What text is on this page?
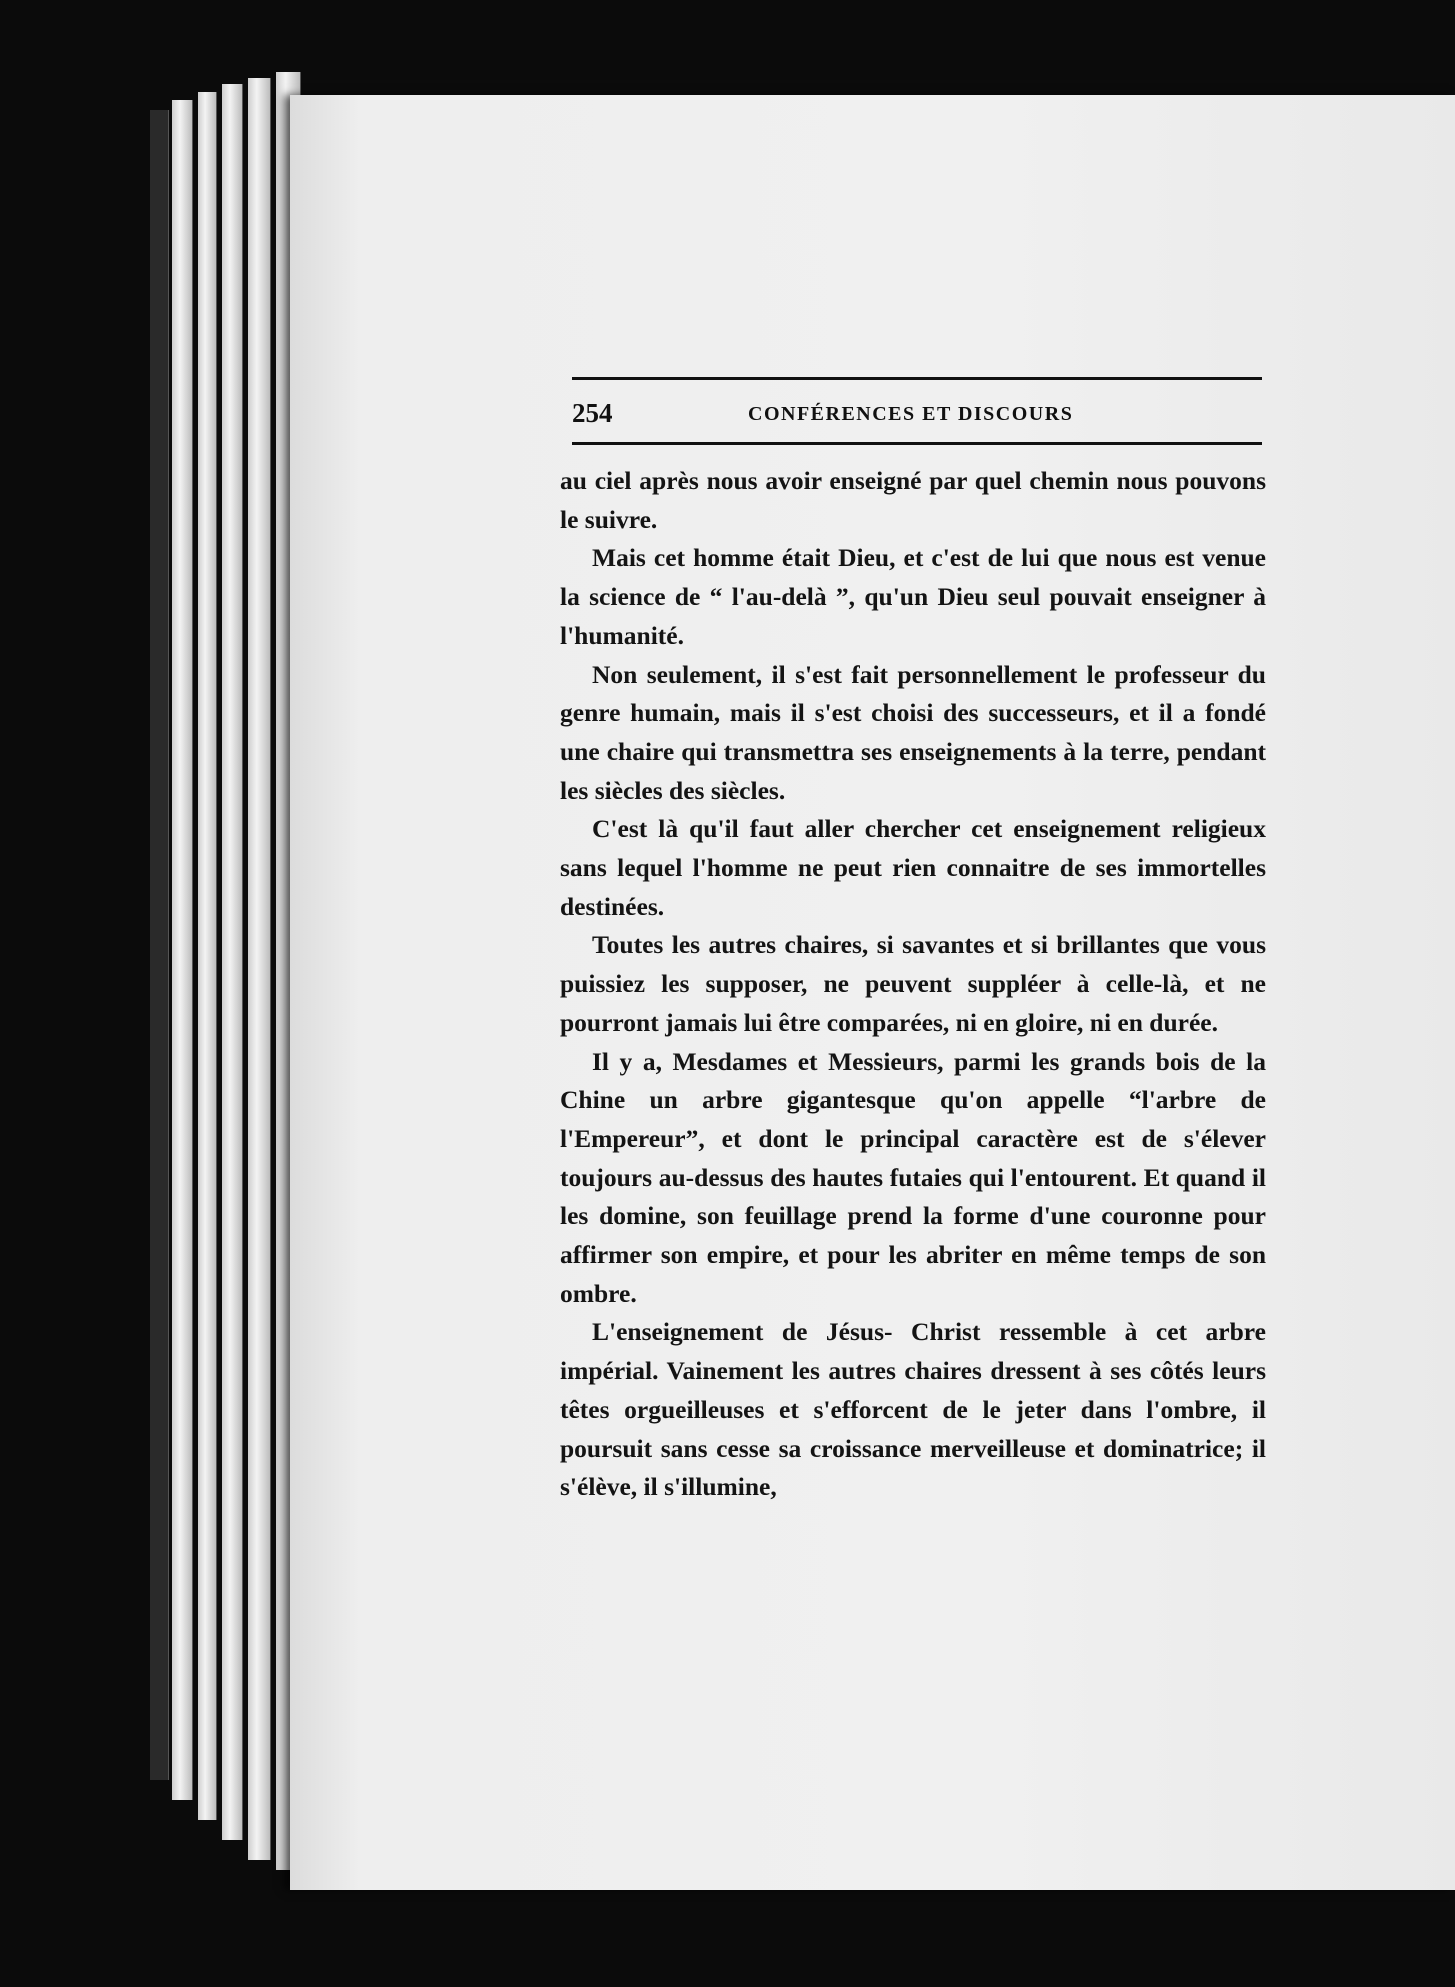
254	CONFÉRENCES ET DISCOURS

au ciel après nous avoir enseigné par quel chemin nous pouvons le suivre.

Mais cet homme était Dieu, et c'est de lui que nous est venue la science de “ l'au-delà ”, qu'un Dieu seul pouvait enseigner à l'humanité.

Non seulement, il s'est fait personnellement le professeur du genre humain, mais il s'est choisi des successeurs, et il a fondé une chaire qui transmettra ses enseignements à la terre, pendant les siècles des siècles.

C'est là qu'il faut aller chercher cet enseignement religieux sans lequel l'homme ne peut rien connaitre de ses immortelles destinées.

Toutes les autres chaires, si savantes et si brillantes que vous puissiez les supposer, ne peuvent suppléer à celle-là, et ne pourront jamais lui être comparées, ni en gloire, ni en durée.

Il y a, Mesdames et Messieurs, parmi les grands bois de la Chine un arbre gigantesque qu'on appelle “l'arbre de l'Empereur”, et dont le principal caractère est de s'élever toujours au-dessus des hautes futaies qui l'entourent. Et quand il les domine, son feuillage prend la forme d'une couronne pour affirmer son empire, et pour les abriter en même temps de son ombre.

L'enseignement de Jésus- Christ ressemble à cet arbre impérial. Vainement les autres chaires dressent à ses côtés leurs têtes orgueilleuses et s'efforcent de le jeter dans l'ombre, il poursuit sans cesse sa croissance merveilleuse et dominatrice; il s'élève, il s'illumine,
